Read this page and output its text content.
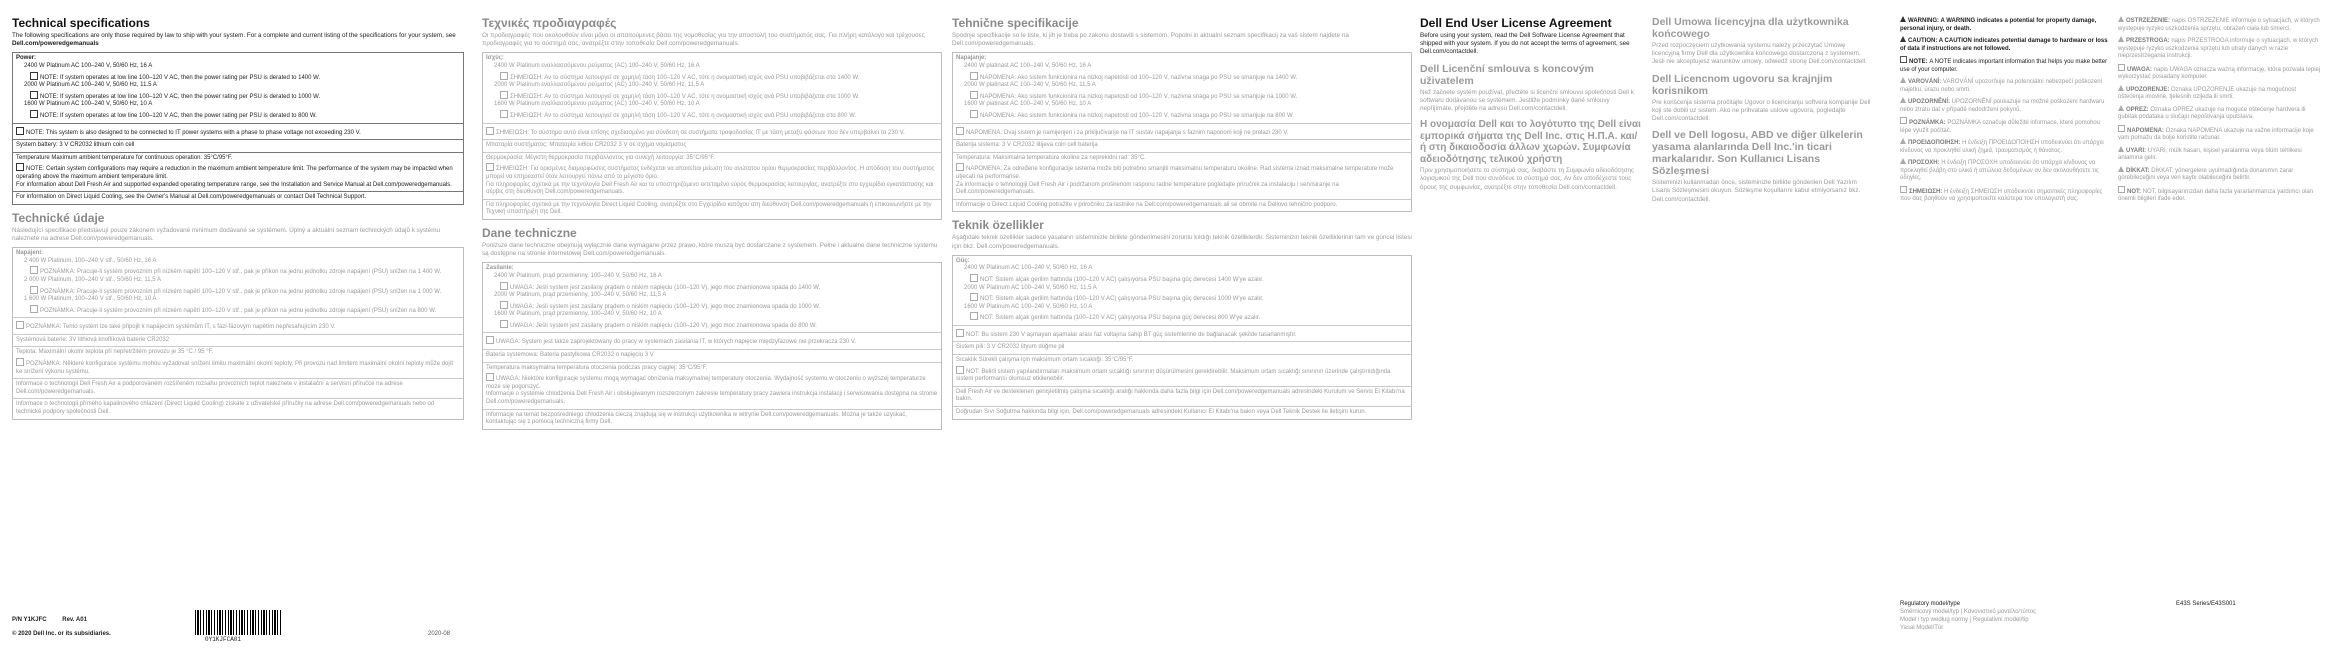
Technical specifications

The following specifications are only those required by law to ship with your system. For a complete and current listing of the specifications for your system, see Dell.com/poweredgemanuals

Power:
2400 W Platinum AC 100–240 V, 50/60 Hz, 16 A
NOTE: If system operates at low line 100–120 V AC, then the power rating per PSU is derated to 1400 W.
2000 W Platinum AC 100–240 V, 50/60 Hz, 11.5 A
NOTE: If system operates at low line 100–120 V AC, then the power rating per PSU is derated to 1000 W.
1600 W Platinum AC 100–240 V, 50/60 Hz, 10 A
NOTE: If system operates at low line 100–120 V AC, then the power rating per PSU is derated to 800 W.
NOTE: This system is also designed to be connected to IT power systems with a phase to phase voltage not exceeding 230 V.
System battery: 3 V CR2032 lithium coin cell
Temperature Maximum ambient temperature for continuous operation: 35°C/95°F.
NOTE: Certain system configurations may require a reduction in the maximum ambient temperature limit. The performance of the system may be impacted when operating above the maximum ambient temperature limit.
For information about Dell Fresh Air and supported expanded operating temperature range, see the Installation and Service Manual at Dell.com/poweredgemanuals.
For information on Direct Liquid Cooling, see the Owner's Manual at Dell.com/poweredgemanuals or contact Dell Technical Support.
Technické údaje

Následující specifikace představují pouze zákonem vyžadované minimum dodávané se systémem. Úplný a aktuální seznam technických údajů k systému naleznete na adrese Dell.com/poweredgemanuals.

Napájení:
2 400 W Platinum, 100–240 V stř., 50/60 Hz, 16 A
POZNÁMKA: Pracuje-li systém provozním při nízkém napětí 100–120 V stř., pak je příkon na jednu jednotku zdroje napájení (PSU) snížen na 1 400 W.
2 000 W Platinum, 100–240 V stř., 50/60 Hz, 11,5 A
POZNÁMKA: Pracuje-li systém provozním při nízkém napětí 100–120 V stř., pak je příkon na jednu jednotku zdroje napájení (PSU) snížen na 1 000 W.
1 600 W Platinum, 100–240 V stř., 50/60 Hz, 10 A
POZNÁMKA: Pracuje-li systém provozním při nízkém napětí 100–120 V stř., pak je příkon na jednu jednotku zdroje napájení (PSU) snížen na 800 W.
POZNÁMKA: Tento systém lze také připojit k napájecím systémům IT, s fázi-fázovým napětím nepřesahujícím 230 V.
Systémová baterie: 3V lithiová knoflíková baterie CR2032
Teplota: Maximální okolní teplota při nepřetržitém provozu je 35 °C / 95 °F.
POZNÁMKA: Některé konfigurace systému mohou vyžadovat snížení limitu maximální okolní teploty. Při provozu nad limitem maximální okolní teploty může dojít ke snížení výkonu systému.
Informace o technologii Dell Fresh Air a podporovaném rozšířeném rozsahu provozních teplot naleznete v instalační a servisní příručce na adrese Dell.com/poweredgemanuals.
Informace o technologii přímého kapalinového chlazení (Direct Liquid Cooling) získáte z uživatelské příručky na adrese Dell.com/poweredgemanuals nebo od technické podpory společnosti Dell.
Τεχνικές προδιαγραφές

Οι προδιαγραφές που ακολουθούν είναι μόνο οι απαιτούμενες βάσει της νομοθεσίας για την αποστολή του συστήματός σας. Για πλήρη κατάλογο και τρέχουσες προδιαγραφές για το σύστημά σας, ανατρέξτε στην τοποθεσία Dell.com/poweredgemanuals.

Ισχύς:
2400 W Platinum εναλλασσόμενου ρεύματος (AC) 100–240 V, 50/60 Hz, 16 A
ΣΗΜΕΙΩΣΗ: Αν το σύστημα λειτουργεί σε χαμηλή τάση 100–120 V AC, τότε η ονομαστική ισχύς ανά PSU υποβιβάζεται στα 1400 W.
2000 W Platinum εναλλασσόμενου ρεύματος (AC) 100–240 V, 50/60 Hz, 11,5 A
ΣΗΜΕΙΩΣΗ: Αν το σύστημα λειτουργεί σε χαμηλή τάση 100–120 V AC, τότε η ονομαστική ισχύς ανά PSU υποβιβάζεται στα 1000 W.
1600 W Platinum εναλλασσόμενου ρεύματος (AC) 100–240 V, 50/60 Hz, 10 A
ΣΗΜΕΙΩΣΗ: Αν το σύστημα λειτουργεί σε χαμηλή τάση 100–120 V AC, τότε η ονομαστική ισχύς ανά PSU υποβιβάζεται στα 800 W.
ΣΗΜΕΙΩΣΗ: Το σύστημα αυτό είναι επίσης σχεδιασμένο για σύνδεση σε συστήματα τροφοδοσίας IT με τάση μεταξύ φάσεων που δεν υπερβαίνει τα 230 V.
Μπαταρία συστήματος: Μπαταρία λιθίου CR2032 3 V σε σχήμα νομίσματος
Θερμοκρασία: Μέγιστη θερμοκρασία περιβάλλοντος για συνεχή λειτουργία: 35°C/95°F.
ΣΗΜΕΙΩΣΗ: Για ορισμένες διαμορφώσεις συστήματος ενδέχεται να απαιτείται μείωση του ανώτατου ορίου θερμοκρασίας περιβάλλοντος. Η απόδοση του συστήματος μπορεί να επηρεαστεί όταν λειτουργεί πάνω από το μέγιστο όριο.
Για πληροφορίες σχετικά με την τεχνολογία Dell Fresh Air και το υποστηριζόμενο εκτεταμένο εύρος θερμοκρασίας λειτουργίας, ανατρέξτε στο εγχειρίδιο εγκατάστασης και σέρβις στη διεύθυνση Dell.com/poweredgemanuals.
Για πληροφορίες σχετικά με την τεχνολογία Direct Liquid Cooling, ανατρέξτε στο Εγχειρίδιο κατόχου στη διεύθυνση Dell.com/poweredgemanuals ή επικοινωνήστε με την Τεχνική υποστήριξη της Dell.
Dane techniczne

Poniższe dane techniczne obejmują wyłącznie dane wymagane przez prawo, które muszą być dostarczane z systemem. Pełne i aktualne dane techniczne systemu są dostępne na stronie internetowej Dell.com/poweredgemanuals.

Zasilanie:
2400 W Platinum, prąd przemienny, 100–240 V, 50/60 Hz, 16 A
UWAGA: Jeśli system jest zasilany prądem o niskim napięciu (100–120 V), jego moc znamionowa spada do 1400 W.
2000 W Platinum, prąd przemienny, 100–240 V, 50/60 Hz, 11,5 A
UWAGA: Jeśli system jest zasilany prądem o niskim napięciu (100–120 V), jego moc znamionowa spada do 1000 W.
1600 W Platinum, prąd przemienny, 100–240 V, 50/60 Hz, 10 A
UWAGA: Jeśli system jest zasilany prądem o niskim napięciu (100–120 V), jego moc znamionowa spada do 800 W.
UWAGA: System jest także zaprojektowany do pracy w systemach zasilania IT, w których napięcie międzyfazowe nie przekracza 230 V.
Bateria systemowa: Bateria pastylkowa CR2032 o napięciu 3 V
Temperatura maksymalna temperatura otoczenia podczas pracy ciągłej: 35°C/95°F.
UWAGA: Niektóre konfiguracje systemu mogą wymagać obniżenia maksymalnej temperatury otoczenia. Wydajność systemu w otoczeniu o wyższej temperaturze może się pogorszyć.
Informacje o systemie chłodzenia Dell Fresh Air i obsługiwanym rozszerzonym zakresie temperatury pracy zawiera instrukcja instalacji i serwisowania dostępna na stronie Dell.com/poweredgemanuals.
Informacje na temat bezpośredniego chłodzenia cieczą znajdują się w instrukcji użytkownika w witrynie Dell.com/poweredgemanuals. Można je także uzyskać, kontaktując się z pomocą techniczną firmy Dell.
Tehnične specifikacije

Spodnje specifikacije so le tiste, ki jih je treba po zakonu dostaviti s sistemom. Popolni in aktualni seznam specifikacij za vaš sistem najdete na Dell.com/poweredgemanuals.

Napajanje:
2400 W platinast AC 100–240 V, 50/60 Hz, 16 A
NAPOMENA: Ako sistem funkcionira na nizkoj napetosti od 100–120 V, nazivna snaga po PSU se smanjuje na 1400 W.
2000 W platinast AC 100–240 V, 50/60 Hz, 11,5 A
NAPOMENA: Ako sistem funkcionira na nizkoj napetosti od 100–120 V, nazivna snaga po PSU se smanjuje na 1000 W.
1600 W platinast AC 100–240 V, 50/60 Hz, 10 A
NAPOMENA: Ako sistem funkcionira na nizkoj napetosti od 100–120 V, nazivna snaga po PSU se smanjuje na 800 W.
NAPOMENA: Ovaj sistem je namijenjen i za priključivanje na IT sustav napajanja s faznim naponom koji ne prelazi 230 V.
Baterija sistema: 3 V CR2032 litijeva coin cell baterija
Temperatura: Maksimalna temperatura okoline za neprekidni rad: 35°C.
NAPOMENA: Za određene konfiguracije sistema može biti potrebno smanjiti maksimalnu temperaturu okoline. Rad sistema iznad maksimalne temperature može utjecati na performanse.
Za informacije o tehnologiji Dell Fresh Air i podržanom proširenom rasponu radne temperature pogledajte priručnik za instalaciju i servisiranje na Dell.com/poweredgemanuals.
Informacije o Direct Liquid Cooling potražite v priročniku za lastnike na Dell.com/poweredgemanuals ali se obrnite na Dellovo tehnično podporo.
Teknik özellikler

Aşağıdaki teknik özellikler sadece yasaların sisteminizle birlikte gönderilmesini zorunlu kıldığı teknik özelliklerdir. Sisteminizin teknik özelliklerinin tam ve güncel listesi için bkz. Dell.com/poweredgemanuals.

Güç:
2400 W Platinum AC 100–240 V, 50/60 Hz, 16 A
NOT: Sistem alçak gerilim hattında (100–120 V AC) çalışıyorsa PSU başına güç derecesi 1400 W'ye azalır.
2000 W Platinum AC 100–240 V, 50/60 Hz, 11,5 A
NOT: Sistem alçak gerilim hattında (100–120 V AC) çalışıyorsa PSU başına güç derecesi 1000 W'ye azalır.
1600 W Platinum AC 100–240 V, 50/60 Hz, 10 A
NOT: Sistem alçak gerilim hattında (100–120 V AC) çalışıyorsa PSU başına güç derecesi 800 W'ye azalır.
NOT: Bu sistem 230 V aşmayan aşamalar arası faz voltajına sahip BT güç sistemlerine de bağlanacak şekilde tasarlanmıştır.
Sistem pili: 3 V CR2032 lityum düğme pil
Sıcaklık Sürekli çalışma için maksimum ortam sıcaklığı: 35°C/95°F.
NOT: Belirli sistem yapılandırmaları maksimum ortam sıcaklığı sınırının düşürülmesini gerektirebilir. Maksimum ortam sıcaklığı sınırının üzerinde çalıştırıldığında sistem performansı olumsuz etkilenebilir.
Dell Fresh Air ve desteklenen genişletilmiş çalışma sıcaklığı aralığı hakkında daha fazla bilgi için Dell.com/poweredgemanuals adresindeki Kurulum ve Servis El Kitabı'na bakın.
Doğrudan Sıvı Soğutma hakkında bilgi için, Dell.com/poweredgemanuals adresindeki Kullanıcı El Kitabı'na bakın veya Dell Teknik Destek ile iletişim kurun.
Dell End User License Agreement

Before using your system, read the Dell Software License Agreement that shipped with your system. If you do not accept the terms of agreement, see Dell.com/contactdell.

Dell Licenční smlouva s koncovým uživatelem

Než začnete systém používat, přečtěte si licenční smlouvu společnosti Dell k softwaru dodávanou se systémem. Jestliže podmínky dané smlouvy nepřijímáte, přejděte na adresu Dell.com/contactdell.

Η ονομασία Dell και το λογότυπο της Dell είναι εμπορικά σήματα της Dell Inc. στις Η.Π.Α. και/ή στη δικαιοδοσία άλλων χωρών. Συμφωνία αδειοδότησης τελικού χρήστη

Πριν χρησιμοποιήσετε το σύστημά σας, διαβάστε τη Συμφωνία αδειοδότησης λογισμικού της Dell που συνόδευε το σύστημά σας. Αν δεν αποδέχεστε τους όρους της συμφωνίας, ανατρέξτε στην τοποθεσία Dell.com/contactdell.

Dell Umowa licencyjna dla użytkownika końcowego

Przed rozpoczęciem użytkowania systemu należy przeczytać Umowę licencyjną firmy Dell dla użytkownika końcowego dostarczoną z systemem. Jeśli nie akceptujesz warunków umowy, odwiedź stronę Dell.com/contactdell.

Dell Licencnom ugovoru sa krajnjim korisnikom

Pre korišćenja sistema pročitajte Ugovor o licenciranju softvera kompanije Dell koji ste dobili uz sistem. Ako ne prihvatate uslove ugovora, pogledajte Dell.com/contactdell.

Dell ve Dell logosu, ABD ve diğer ülkelerin yasama alanlarında Dell Inc.'in ticari markalarıdır. Son Kullanıcı Lisans Sözleşmesi

Sisteminizi kullanmadan önce, sisteminizle birlikte gönderilen Dell Yazılım Lisans Sözleşmesini okuyun. Sözleşme koşullarını kabul etmiyorsanız bkz. Dell.com/contactdell.

WARNING: A WARNING indicates a potential for property damage, personal injury, or death.
CAUTION: A CAUTION indicates potential damage to hardware or loss of data if instructions are not followed.
NOTE: A NOTE indicates important information that helps you make better use of your computer.
VAROVÁNÍ: VAROVÁNÍ upozorňuje na potenciální nebezpečí poškození majetku, úrazu nebo smrti.
UPOZORNĚNÍ: UPOZORNĚNÍ poukazuje na možné poškození hardwaru nebo ztrátu dat v případě nedodržení pokynů.
POZNÁMKA: POZNÁMKA označuje důležité informace, které pomohou lépe využít počítač.
ΠΡΟΕΙΔΟΠΟΙΗΣΗ: Η ένδειξη ΠΡΟΕΙΔΟΠΟΙΗΣΗ υποδεικνύει ότι υπάρχει κίνδυνος να προκληθεί υλική ζημιά, τραυματισμός ή θάνατος.
ΠΡΟΣΟΧΗ: Η ένδειξη ΠΡΟΣΟΧΗ υποδεικνύει ότι υπάρχει κίνδυνος να προκληθεί βλάβη στο υλικό ή απώλεια δεδομένων αν δεν ακολουθήσετε τις οδηγίες.
ΣΗΜΕΙΩΣΗ: Η ένδειξη ΣΗΜΕΙΩΣΗ υποδεικνύει σημαντικές πληροφορίες που σας βοηθούν να χρησιμοποιείτε καλύτερα τον υπολογιστή σας.
OSTRZEŻENIE: napis OSTRZEŻENIE informuje o sytuacjach, w których występuje ryzyko uszkodzenia sprzętu, obrażeń ciała lub śmierci.
PRZESTROGA: napis PRZESTROGA informuje o sytuacjach, w których występuje ryzyko uszkodzenia sprzętu lub utraty danych w razie nieprzestrzegania instrukcji.
UWAGA: napis UWAGA oznacza ważną informację, która pozwala lepiej wykorzystać posiadany komputer.
UPOZORENJE: Oznaka UPOZORENJE ukazuje na mogućnost oštećenja imovine, tjelesnih ozljeda ili smrti.
OPREZ: Oznaka OPREZ ukazuje na moguće oštećenje hardvera ili gubitak podataka u slučaju nepoštivanja uputstava.
NAPOMENA: Oznaka NAPOMENA ukazuje na važne informacije koje vam pomažu da bolje koristite računar.
UYARI: UYARI, mülk hasarı, kişisel yaralanma veya ölüm tehlikesi anlamına gelir.
DİKKAT: DİKKAT, yönergelere uyulmadığında donanımın zarar görebileceğini veya veri kaybı olabileceğini belirtir.
NOT: NOT, bilgisayarınızdan daha fazla yararlanmanıza yardımcı olan önemli bilgileri ifade eder.
P/N Y1KJFC	Rev. A01
© 2020 Dell Inc. or its subsidiaries.
0Y1KJFCA01
2020-08
Regulatory model/type	E43S Series/E43S001
Směrnicový model/typ | Κανονιστικό μοντέλο/τύπος
Model i typ według normy | Regulativni model/tip
Yasal Model/Tür
